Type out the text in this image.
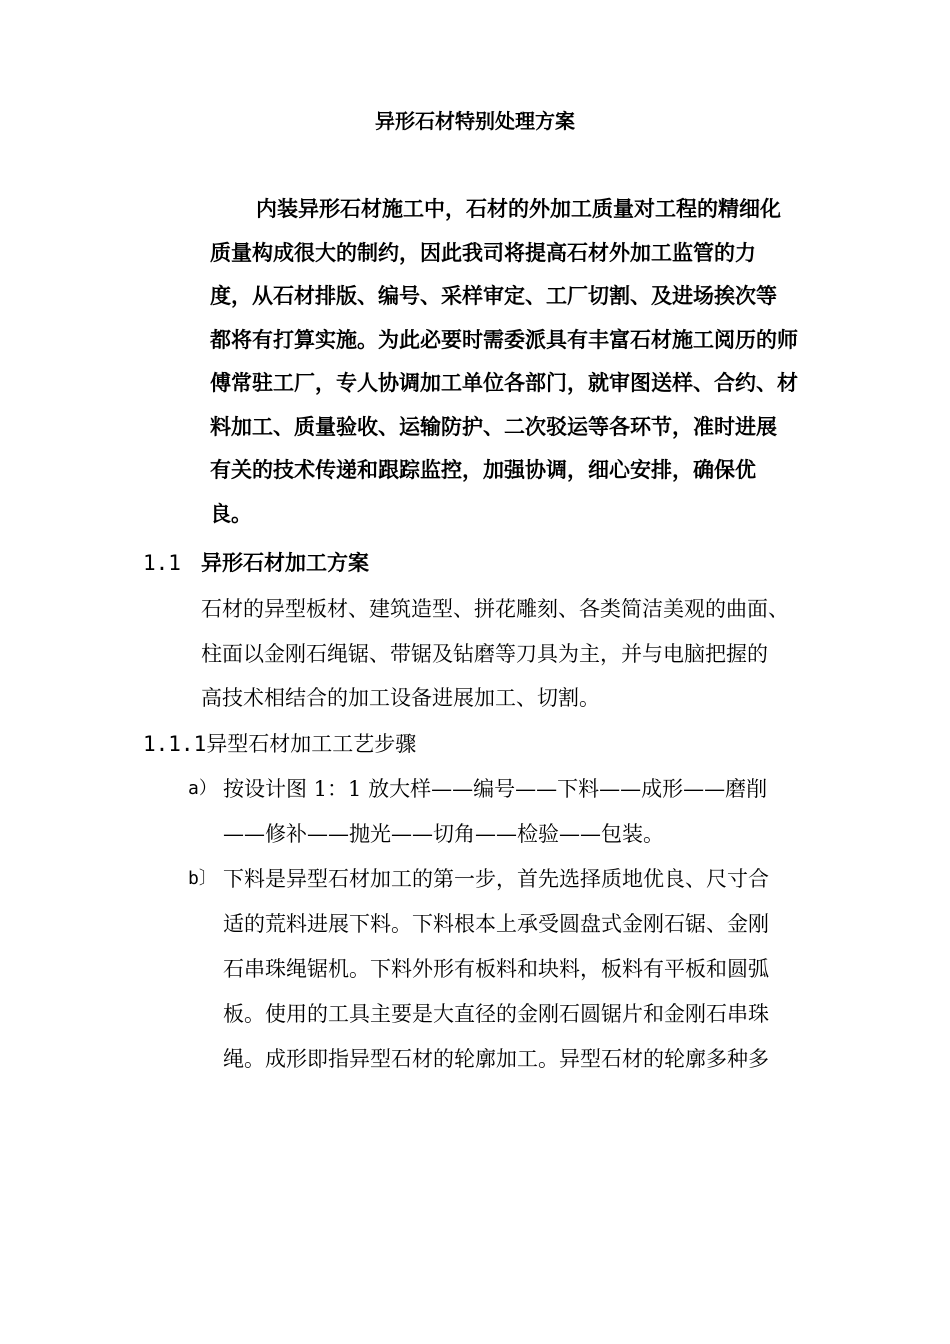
异形石材特别处理方案
内装异形石材施工中，石材的外加工质量对工程的精细化
质量构成很大的制约，因此我司将提高石材外加工监管的力
度，从石材排版、编号、采样审定、工厂切割、及进场挨次等
都将有打算实施。为此必要时需委派具有丰富石材施工阅历的师
傅常驻工厂，专人协调加工单位各部门，就审图送样、合约、材
料加工、质量验收、运输防护、二次驳运等各环节，准时进展
有关的技术传递和跟踪监控，加强协调，细心安排，确保优
良。
1.1 异形石材加工方案
石材的异型板材、建筑造型、拼花雕刻、各类简洁美观的曲面、
柱面以金刚石绳锯、带锯及钻磨等刀具为主，并与电脑把握的
高技术相结合的加工设备进展加工、切割。
1.1.1异型石材加工工艺步骤
a） 按设计图 1：1 放大样——编号——下料——成形——磨削
——修补——抛光——切角——检验——包装。
b〕 下料是异型石材加工的第一步，首先选择质地优良、尺寸合
适的荒料进展下料。下料根本上承受圆盘式金刚石锯、金刚
石串珠绳锯机。下料外形有板料和块料，板料有平板和圆弧
板。使用的工具主要是大直径的金刚石圆锯片和金刚石串珠
绳。成形即指异型石材的轮廓加工。异型石材的轮廓多种多
